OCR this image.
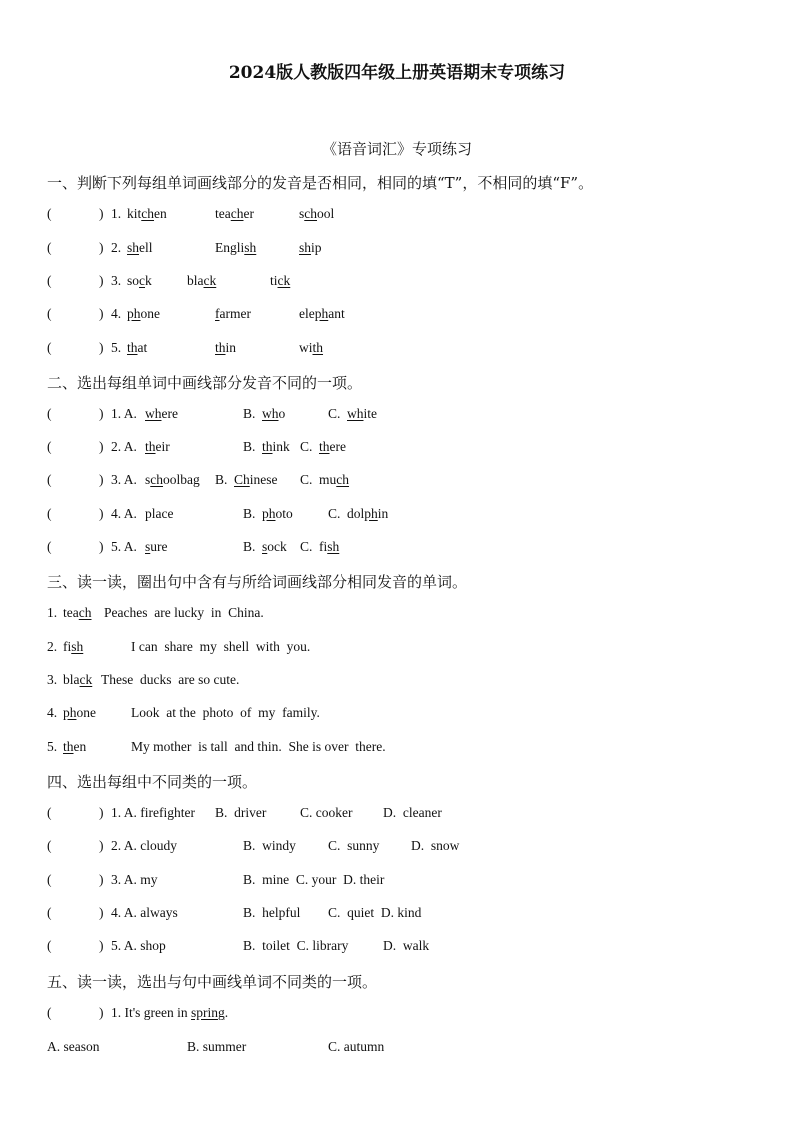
2024版人教版四年级上册英语期末专项练习
《语音词汇》专项练习
一、判断下列每组单词画线部分的发音是否相同，相同的填“T”，不相同的填“F”。
(	) 1. kitchen	teacher	school
(	) 2. shell	English	ship
(	) 3. sock	black	tick
(	) 4. phone	farmer	elephant
(	) 5. that	thin	with
二、选出每组单词中画线部分发音不同的一项。
(	) 1. A. where	B. who	C. white
(	) 2. A. their	B. think C. there
(	) 3. A. schoolbag B. Chinese C. much
(	) 4. A. place	B. photo	C. dolphin
(	) 5. A. sure	B. sock C. fish
三、读一读，圈出句中含有与所给词画线部分相同发音的单词。
1. teach Peaches  are lucky  in  China.
2. fish	I can  share  my  shell  with  you.
3. black These  ducks  are so cute.
4. phone	Look  at the  photo  of  my  family.
5. then	My mother  is tall  and thin.  She is over  there.
四、选出每组中不同类的一项。
(	) 1. A. firefighter B.  driver C. cooker D.  cleaner
(	) 2. A. cloudy	B.  windy C.  sunny D.  snow
(	) 3. A. my	B.  mine  C. your  D. their
(	) 4. A. always	B.  helpful C.  quiet  D. kind
(	) 5. A. shop	B.  toilet  C. library	D.  walk
五、读一读，选出与句中画线单词不同类的一项。
(	) 1. It's green in spring.
A. season	B. summer	C. autumn
